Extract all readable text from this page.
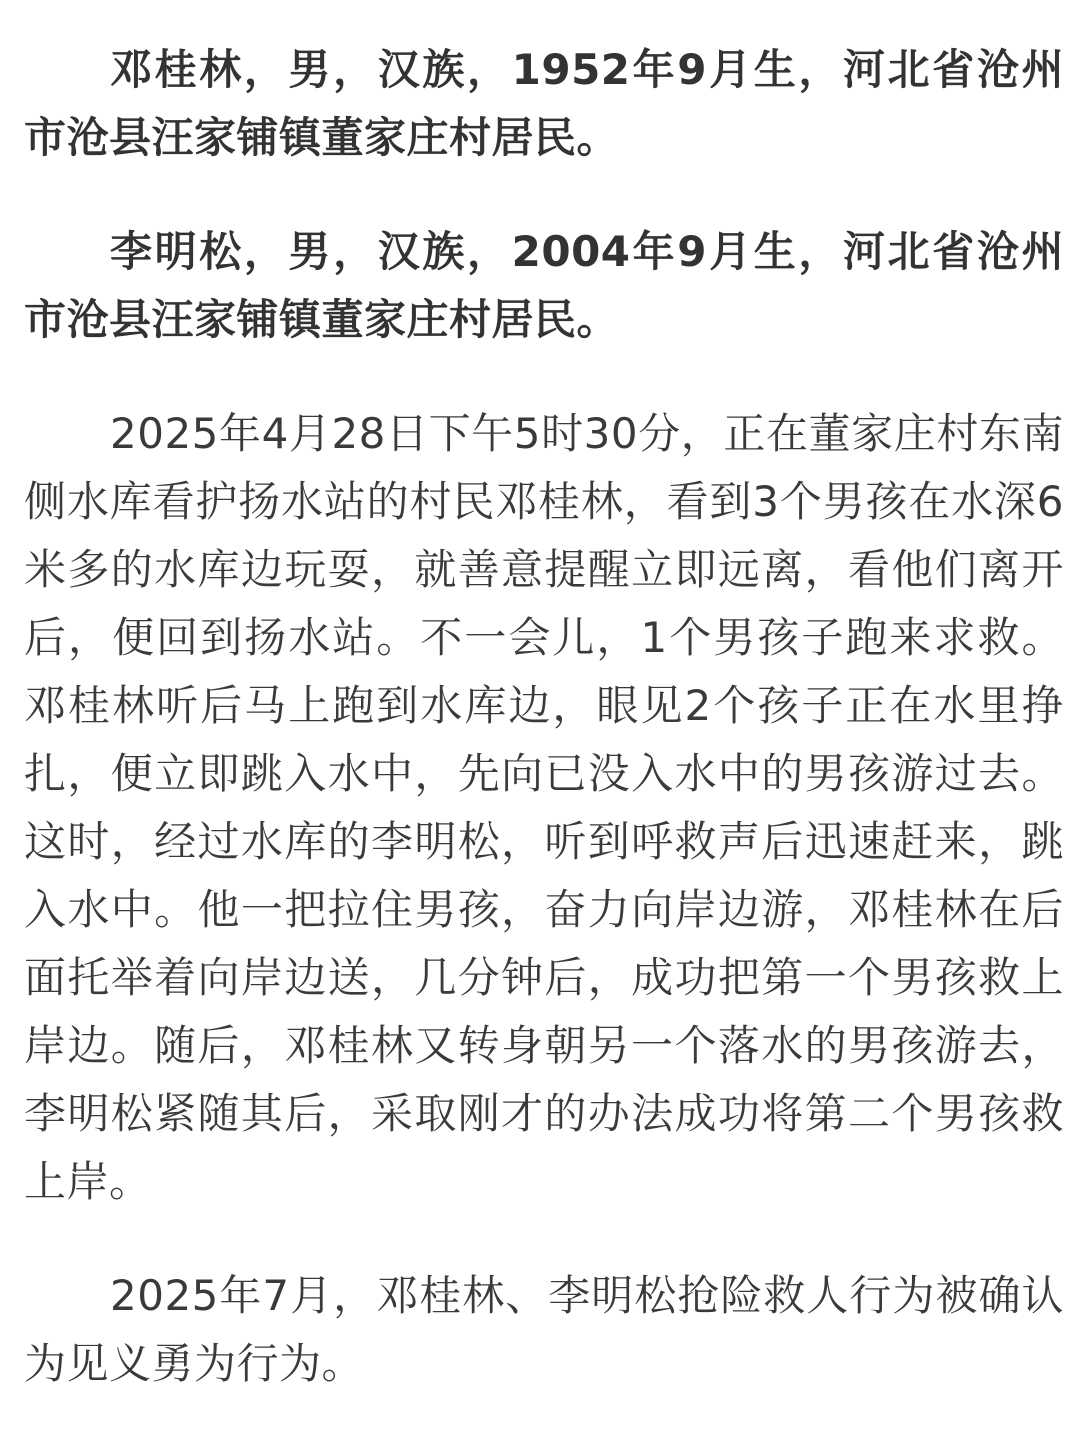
邓桂林，男，汉族，1952年9月生，河北省沧州市沧县汪家铺镇董家庄村居民。

李明松，男，汉族，2004年9月生，河北省沧州市沧县汪家铺镇董家庄村居民。

2025年4月28日下午5时30分，正在董家庄村东南侧水库看护扬水站的村民邓桂林，看到3个男孩在水深6米多的水库边玩耍，就善意提醒立即远离，看他们离开后，便回到扬水站。不一会儿，1个男孩子跑来求救。邓桂林听后马上跑到水库边，眼见2个孩子正在水里挣扎，便立即跳入水中，先向已没入水中的男孩游过去。这时，经过水库的李明松，听到呼救声后迅速赶来，跳入水中。他一把拉住男孩，奋力向岸边游，邓桂林在后面托举着向岸边送，几分钟后，成功把第一个男孩救上岸边。随后，邓桂林又转身朝另一个落水的男孩游去，李明松紧随其后，采取刚才的办法成功将第二个男孩救上岸。

2025年7月，邓桂林、李明松抢险救人行为被确认为见义勇为行为。
